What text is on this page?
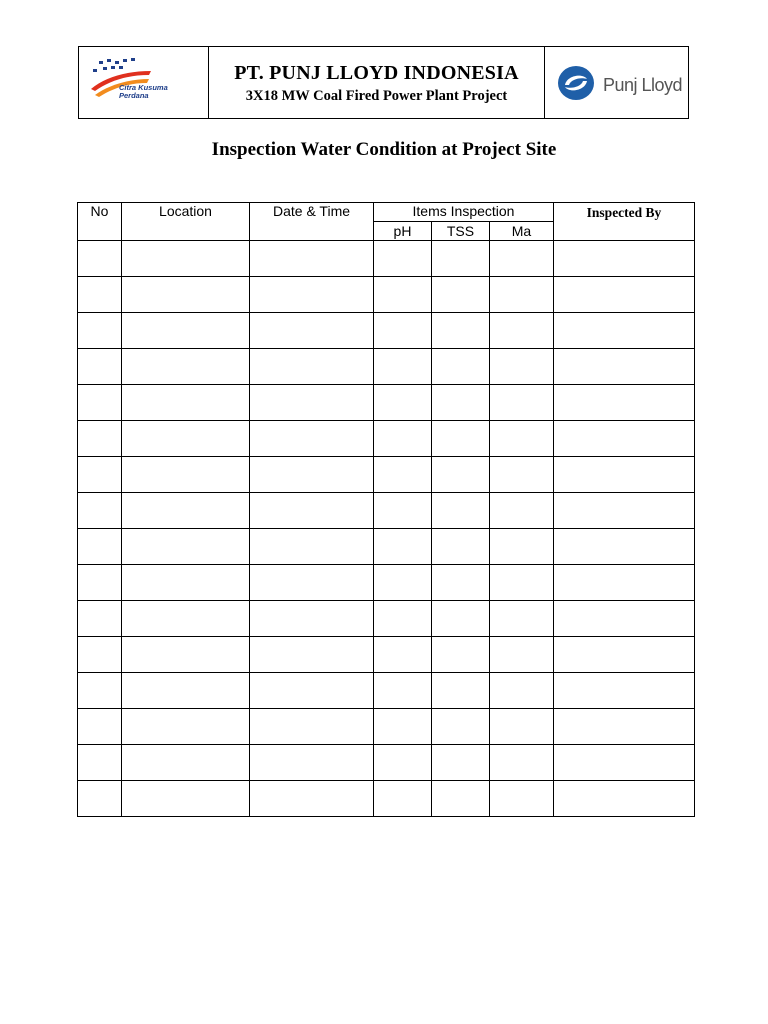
Citra Kusuma Perdana
PT. PUNJ LLOYD INDONESIA
3X18 MW Coal Fired Power Plant Project
Punj Lloyd
Inspection Water Condition at Project Site
No	Location	Date & Time	Items Inspection			Inspected By
			pH	TSS	Ma	
